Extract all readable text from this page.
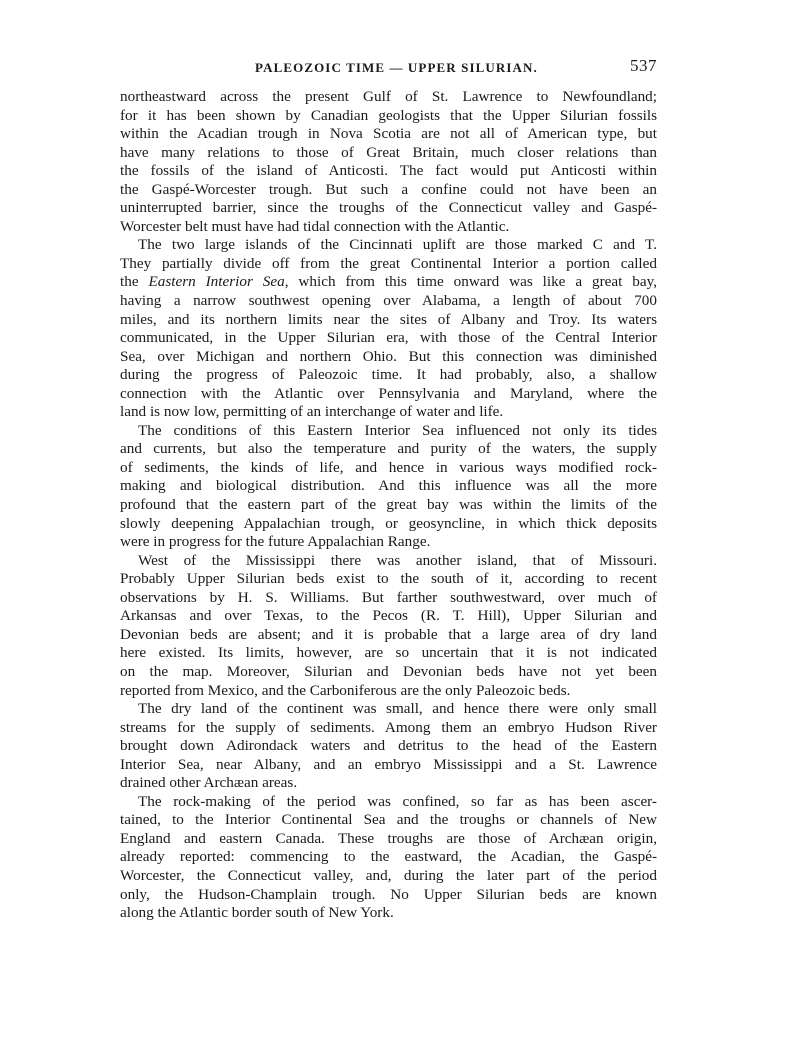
PALEOZOIC TIME — UPPER SILURIAN.	537

northeastward across the present Gulf of St. Lawrence to Newfoundland;
for it has been shown by Canadian geologists that the Upper Silurian fossils
within the Acadian trough in Nova Scotia are not all of American type, but
have many relations to those of Great Britain, much closer relations than
the fossils of the island of Anticosti. The fact would put Anticosti within
the Gaspé-Worcester trough. But such a confine could not have been an
uninterrupted barrier, since the troughs of the Connecticut valley and Gaspé-
Worcester belt must have had tidal connection with the Atlantic.

The two large islands of the Cincinnati uplift are those marked C and T.
They partially divide off from the great Continental Interior a portion called
the Eastern Interior Sea, which from this time onward was like a great bay,
having a narrow southwest opening over Alabama, a length of about 700
miles, and its northern limits near the sites of Albany and Troy. Its waters
communicated, in the Upper Silurian era, with those of the Central Interior
Sea, over Michigan and northern Ohio. But this connection was diminished
during the progress of Paleozoic time. It had probably, also, a shallow
connection with the Atlantic over Pennsylvania and Maryland, where the
land is now low, permitting of an interchange of water and life.

The conditions of this Eastern Interior Sea influenced not only its tides
and currents, but also the temperature and purity of the waters, the supply
of sediments, the kinds of life, and hence in various ways modified rock-
making and biological distribution. And this influence was all the more
profound that the eastern part of the great bay was within the limits of the
slowly deepening Appalachian trough, or geosyncline, in which thick deposits
were in progress for the future Appalachian Range.

West of the Mississippi there was another island, that of Missouri.
Probably Upper Silurian beds exist to the south of it, according to recent
observations by H. S. Williams. But farther southwestward, over much of
Arkansas and over Texas, to the Pecos (R. T. Hill), Upper Silurian and
Devonian beds are absent; and it is probable that a large area of dry land
here existed. Its limits, however, are so uncertain that it is not indicated
on the map. Moreover, Silurian and Devonian beds have not yet been
reported from Mexico, and the Carboniferous are the only Paleozoic beds.

The dry land of the continent was small, and hence there were only small
streams for the supply of sediments. Among them an embryo Hudson River
brought down Adirondack waters and detritus to the head of the Eastern
Interior Sea, near Albany, and an embryo Mississippi and a St. Lawrence
drained other Archæan areas.

The rock-making of the period was confined, so far as has been ascer-
tained, to the Interior Continental Sea and the troughs or channels of New
England and eastern Canada. These troughs are those of Archæan origin,
already reported: commencing to the eastward, the Acadian, the Gaspé-
Worcester, the Connecticut valley, and, during the later part of the period
only, the Hudson-Champlain trough. No Upper Silurian beds are known
along the Atlantic border south of New York.
